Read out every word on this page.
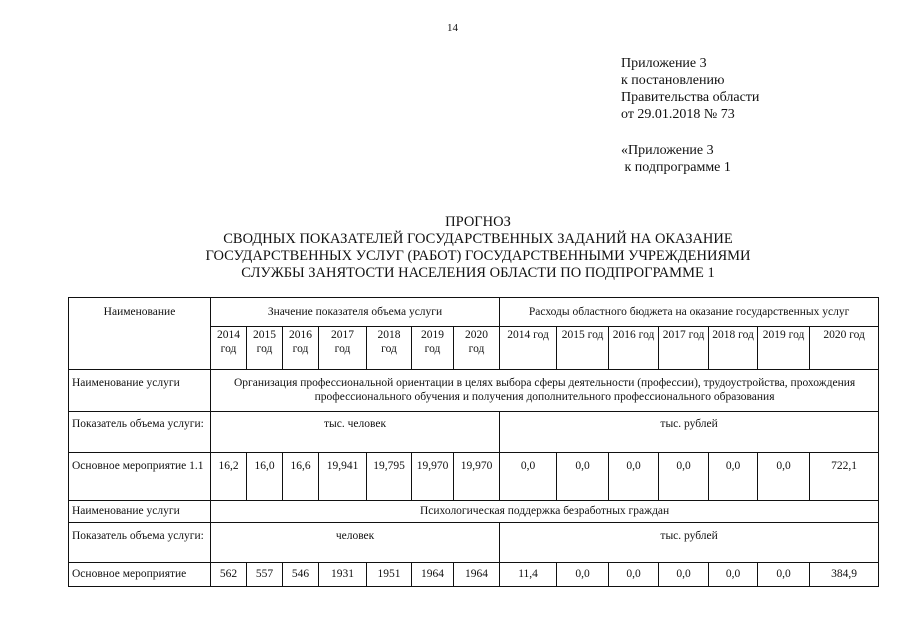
14
Приложение 3
к постановлению
Правительства области
от 29.01.2018 № 73
«Приложение 3
к подпрограмме 1
ПРОГНОЗ
СВОДНЫХ ПОКАЗАТЕЛЕЙ ГОСУДАРСТВЕННЫХ ЗАДАНИЙ НА ОКАЗАНИЕ
ГОСУДАРСТВЕННЫХ УСЛУГ (РАБОТ) ГОСУДАРСТВЕННЫМИ УЧРЕЖДЕНИЯМИ
СЛУЖБЫ ЗАНЯТОСТИ НАСЕЛЕНИЯ ОБЛАСТИ ПО ПОДПРОГРАММЕ 1
Наименование	Значение показателя объема услуги							Расходы областного бюджета на оказание государственных услуг						
	2014 год	2015 год	2016 год	2017 год	2018 год	2019 год	2020 год	2014 год	2015 год	2016 год	2017 год	2018 год	2019 год	2020 год
Наименование услуги	Организация профессиональной ориентации в целях выбора сферы деятельности (профессии), трудоустройства, прохождения профессионального обучения и получения дополнительного профессионального образования													
Показатель объема услуги:	тыс. человек							тыс. рублей						
Основное мероприятие 1.1	16,2	16,0	16,6	19,941	19,795	19,970	19,970	0,0	0,0	0,0	0,0	0,0	0,0	722,1
Наименование услуги	Психологическая поддержка безработных граждан													
Показатель объема услуги:	человек							тыс. рублей						
Основное мероприятие	562	557	546	1931	1951	1964	1964	11,4	0,0	0,0	0,0	0,0	0,0	384,9
